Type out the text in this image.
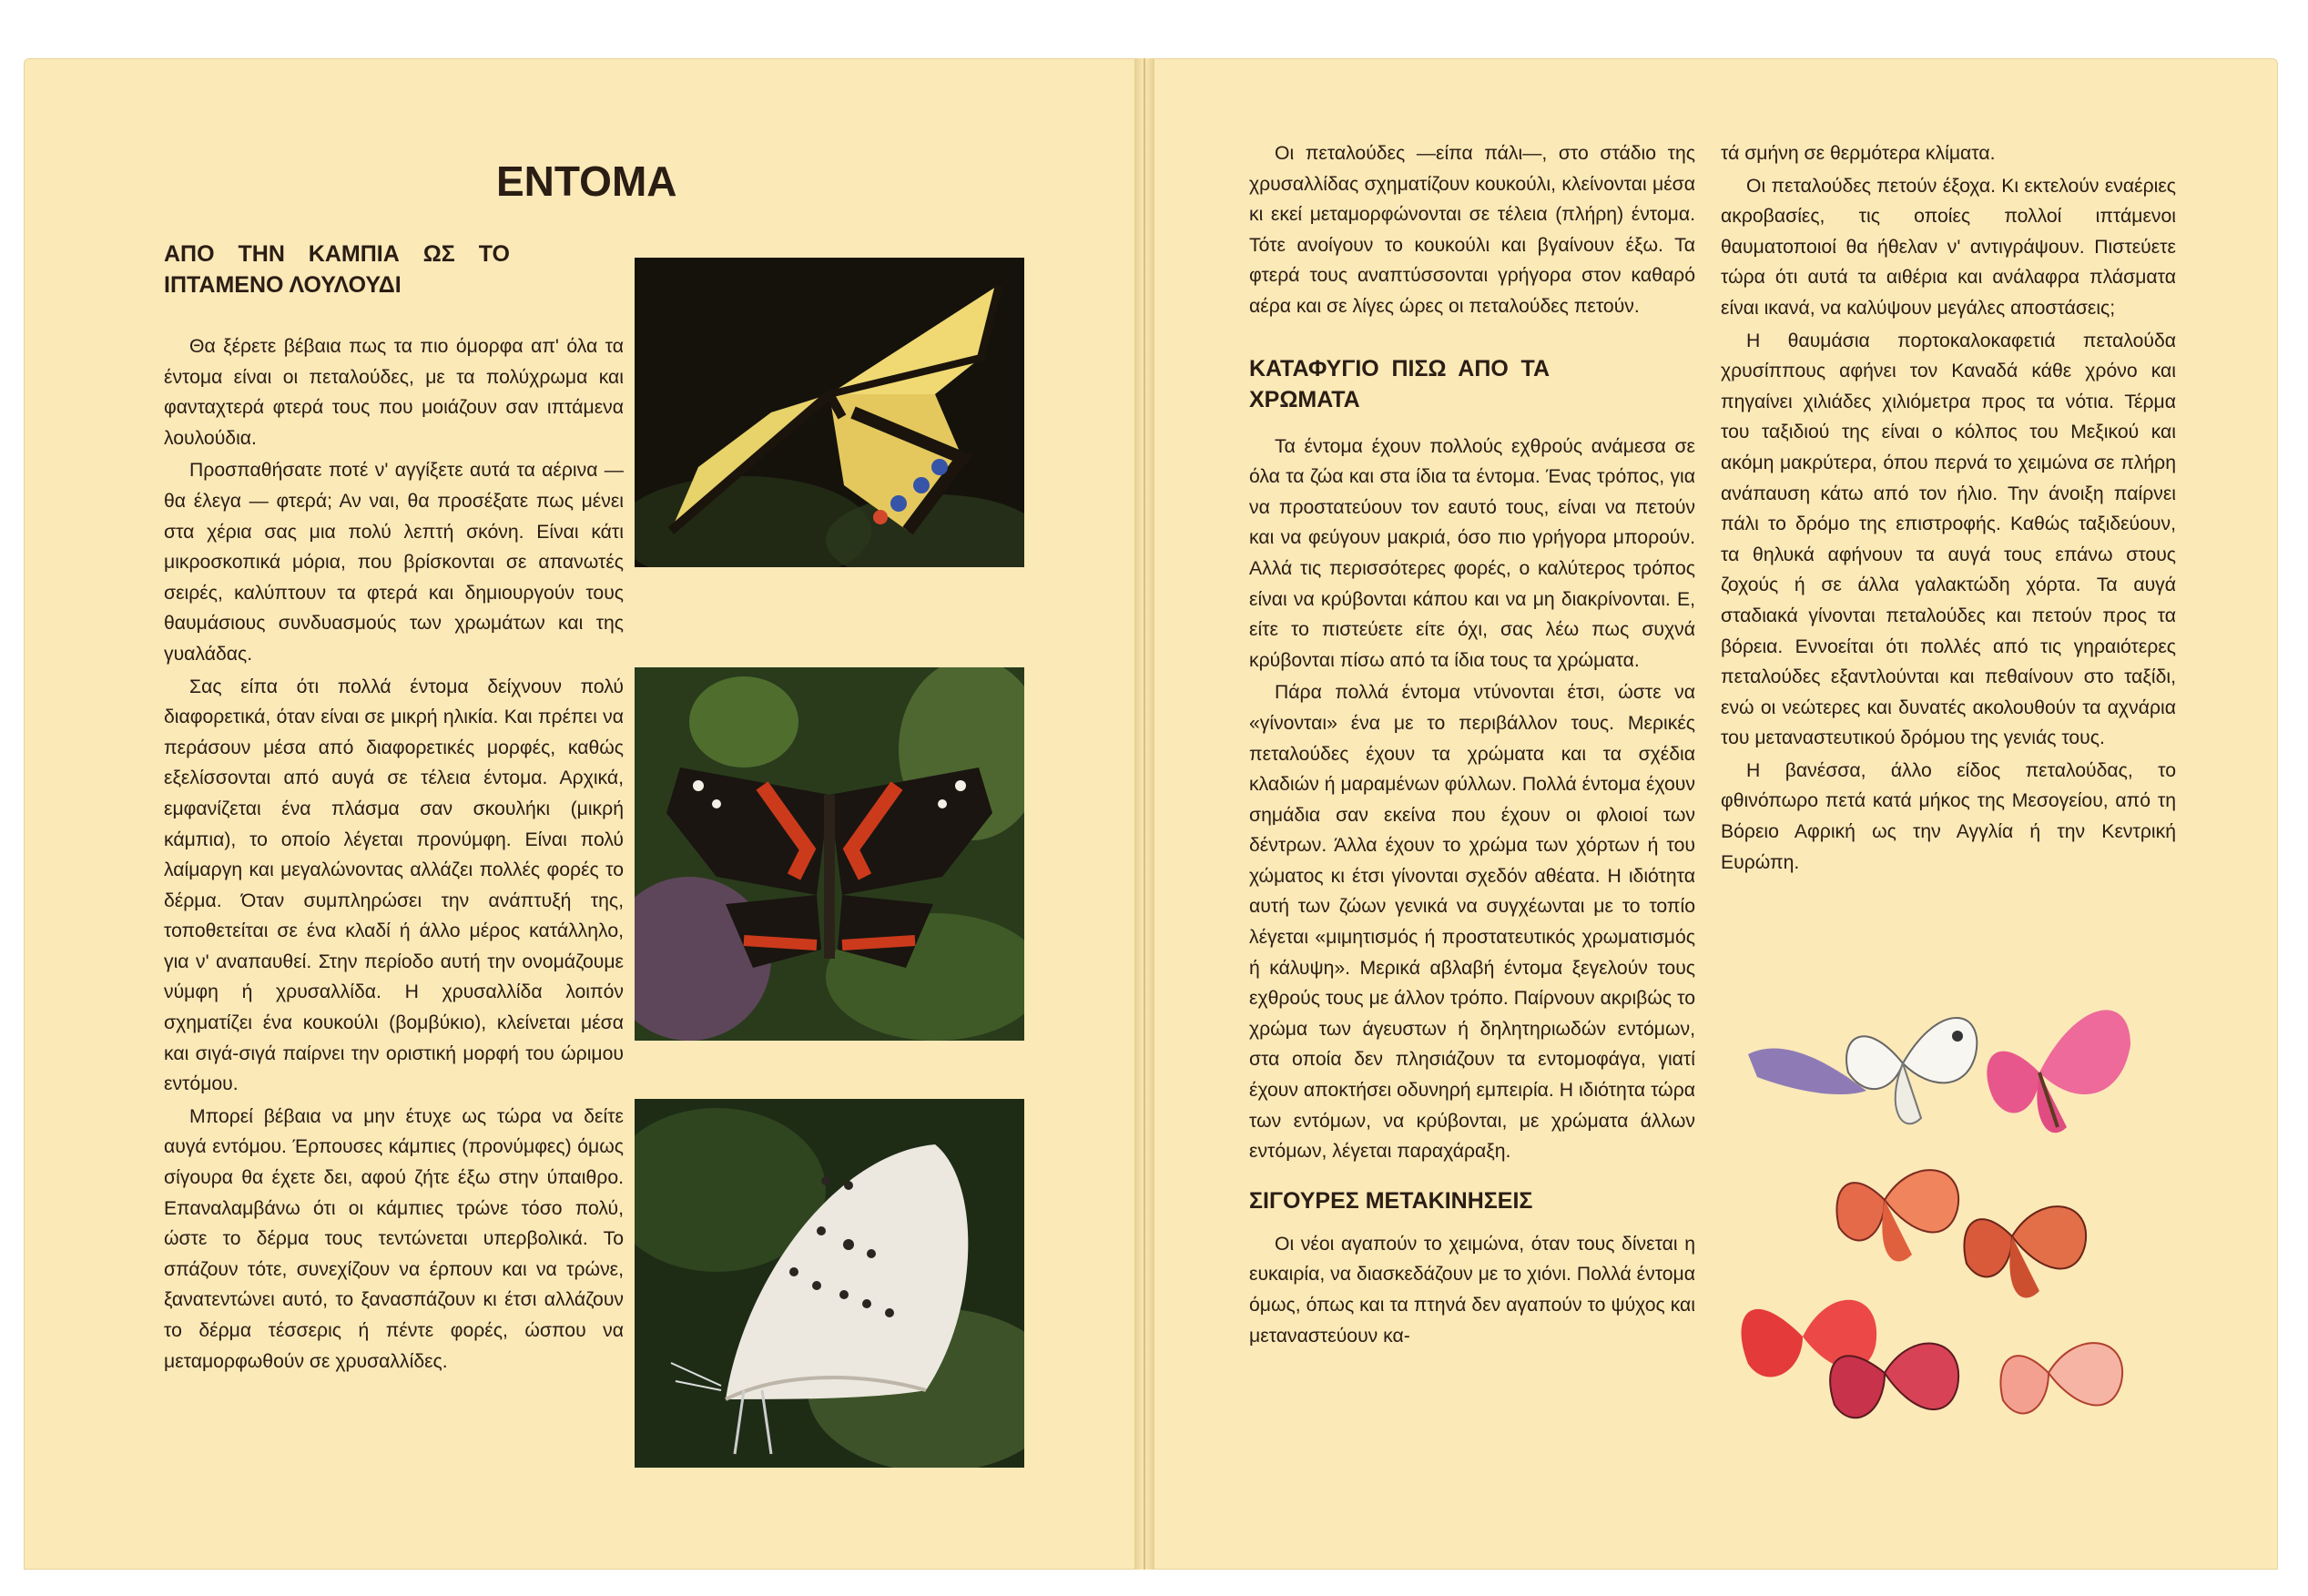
ΕΝΤΟΜΑ
ΑΠΟ ΤΗΝ ΚΑΜΠΙΑ ΩΣ ΤΟ ΙΠΤΑΜΕΝΟ ΛΟΥΛΟΥΔΙ

Θα ξέρετε βέβαια πως τα πιο όμορφα απ' όλα τα έντομα είναι οι πεταλούδες, με τα πολύχρωμα και φανταχτερά φτερά τους που μοιάζουν σαν ιπτάμενα λουλούδια.

Προσπαθήσατε ποτέ ν' αγγίξετε αυτά τα αέρινα — θα έλεγα — φτερά; Αν ναι, θα προσέξατε πως μένει στα χέρια σας μια πολύ λεπτή σκόνη. Είναι κάτι μικροσκοπικά μόρια, που βρίσκονται σε απανωτές σειρές, καλύπτουν τα φτερά και δημιουργούν τους θαυμάσιους συνδυασμούς των χρωμάτων και της γυαλάδας.

Σας είπα ότι πολλά έντομα δείχνουν πολύ διαφορετικά, όταν είναι σε μικρή ηλικία. Και πρέπει να περάσουν μέσα από διαφορετικές μορφές, καθώς εξελίσσονται από αυγά σε τέλεια έντομα. Αρχικά, εμφανίζεται ένα πλάσμα σαν σκουλήκι (μικρή κάμπια), το οποίο λέγεται προνύμφη. Είναι πολύ λαίμαργη και μεγαλώνοντας αλλάζει πολλές φορές το δέρμα. Όταν συμπληρώσει την ανάπτυξή της, τοποθετείται σε ένα κλαδί ή άλλο μέρος κατάλληλο, για ν' αναπαυθεί. Στην περίοδο αυτή την ονομάζουμε νύμφη ή χρυσαλλίδα. Η χρυσαλλίδα λοιπόν σχηματίζει ένα κουκούλι (βομβύκιο), κλείνεται μέσα και σιγά-σιγά παίρνει την οριστική μορφή του ώριμου εντόμου.

Μπορεί βέβαια να μην έτυχε ως τώρα να δείτε αυγά εντόμου. Έρπουσες κάμπιες (προνύμφες) όμως σίγουρα θα έχετε δει, αφού ζήτε έξω στην ύπαιθρο. Επαναλαμβάνω ότι οι κάμπιες τρώνε τόσο πολύ, ώστε το δέρμα τους τεντώνεται υπερβολικά. Το σπάζουν τότε, συνεχίζουν να έρπουν και να τρώνε, ξανατεντώνει αυτό, το ξανασπάζουν κι έτσι αλλάζουν το δέρμα τέσσερις ή πέντε φορές, ώσπου να μεταμορφωθούν σε χρυσαλλίδες.

Οι πεταλούδες —είπα πάλι—, στο στάδιο της χρυσαλλίδας σχηματίζουν κουκούλι, κλείνονται μέσα κι εκεί μεταμορφώνονται σε τέλεια (πλήρη) έντομα. Τότε ανοίγουν το κουκούλι και βγαίνουν έξω. Τα φτερά τους αναπτύσσονται γρήγορα στον καθαρό αέρα και σε λίγες ώρες οι πεταλούδες πετούν.

ΚΑΤΑΦΥΓΙΟ ΠΙΣΩ ΑΠΟ ΤΑ ΧΡΩΜΑΤΑ

Τα έντομα έχουν πολλούς εχθρούς ανάμεσα σε όλα τα ζώα και στα ίδια τα έντομα. Ένας τρόπος, για να προστατεύουν τον εαυτό τους, είναι να πετούν και να φεύγουν μακριά, όσο πιο γρήγορα μπορούν. Αλλά τις περισσότερες φορές, ο καλύτερος τρόπος είναι να κρύβονται κάπου και να μη διακρίνονται. Ε, είτε το πιστεύετε είτε όχι, σας λέω πως συχνά κρύβονται πίσω από τα ίδια τους τα χρώματα.

Πάρα πολλά έντομα ντύνονται έτσι, ώστε να «γίνονται» ένα με το περιβάλλον τους. Μερικές πεταλούδες έχουν τα χρώματα και τα σχέδια κλαδιών ή μαραμένων φύλλων. Πολλά έντομα έχουν σημάδια σαν εκείνα που έχουν οι φλοιοί των δέντρων. Άλλα έχουν το χρώμα των χόρτων ή του χώματος κι έτσι γίνονται σχεδόν αθέατα. Η ιδιότητα αυτή των ζώων γενικά να συγχέωνται με το τοπίο λέγεται «μιμητισμός ή προστατευτικός χρωματισμός ή κάλυψη». Μερικά αβλαβή έντομα ξεγελούν τους εχθρούς τους με άλλον τρόπο. Παίρνουν ακριβώς το χρώμα των άγευστων ή δηλητηριωδών εντόμων, στα οποία δεν πλησιάζουν τα εντομοφάγα, γιατί έχουν αποκτήσει οδυνηρή εμπειρία. Η ιδιότητα τώρα των εντόμων, να κρύβονται, με χρώματα άλλων εντόμων, λέγεται παραχάραξη.

ΣΙΓΟΥΡΕΣ ΜΕΤΑΚΙΝΗΣΕΙΣ

Οι νέοι αγαπούν το χειμώνα, όταν τους δίνεται η ευκαιρία, να διασκεδάζουν με το χιόνι. Πολλά έντομα όμως, όπως και τα πτηνά δεν αγαπούν το ψύχος και μεταναστεύουν κα-

τά σμήνη σε θερμότερα κλίματα.

Οι πεταλούδες πετούν έξοχα. Κι εκτελούν εναέριες ακροβασίες, τις οποίες πολλοί ιπτάμενοι θαυματοποιοί θα ήθελαν ν' αντιγράψουν. Πιστεύετε τώρα ότι αυτά τα αιθέρια και ανάλαφρα πλάσματα είναι ικανά, να καλύψουν μεγάλες αποστάσεις;

Η θαυμάσια πορτοκαλοκαφετιά πεταλούδα χρυσίππους αφήνει τον Καναδά κάθε χρόνο και πηγαίνει χιλιάδες χιλιόμετρα προς τα νότια. Τέρμα του ταξιδιού της είναι ο κόλπος του Μεξικού και ακόμη μακρύτερα, όπου περνά το χειμώνα σε πλήρη ανάπαυση κάτω από τον ήλιο. Την άνοιξη παίρνει πάλι το δρόμο της επιστροφής. Καθώς ταξιδεύουν, τα θηλυκά αφήνουν τα αυγά τους επάνω στους ζοχούς ή σε άλλα γαλακτώδη χόρτα. Τα αυγά σταδιακά γίνονται πεταλούδες και πετούν προς τα βόρεια. Εννοείται ότι πολλές από τις γηραιότερες πεταλούδες εξαντλούνται και πεθαίνουν στο ταξίδι, ενώ οι νεώτερες και δυνατές ακολουθούν τα αχνάρια του μεταναστευτικού δρόμου της γενιάς τους.

Η βανέσσα, άλλο είδος πεταλούδας, το φθινόπωρο πετά κατά μήκος της Μεσογείου, από τη Βόρειο Αφρική ως την Αγγλία ή την Κεντρική Ευρώπη.
